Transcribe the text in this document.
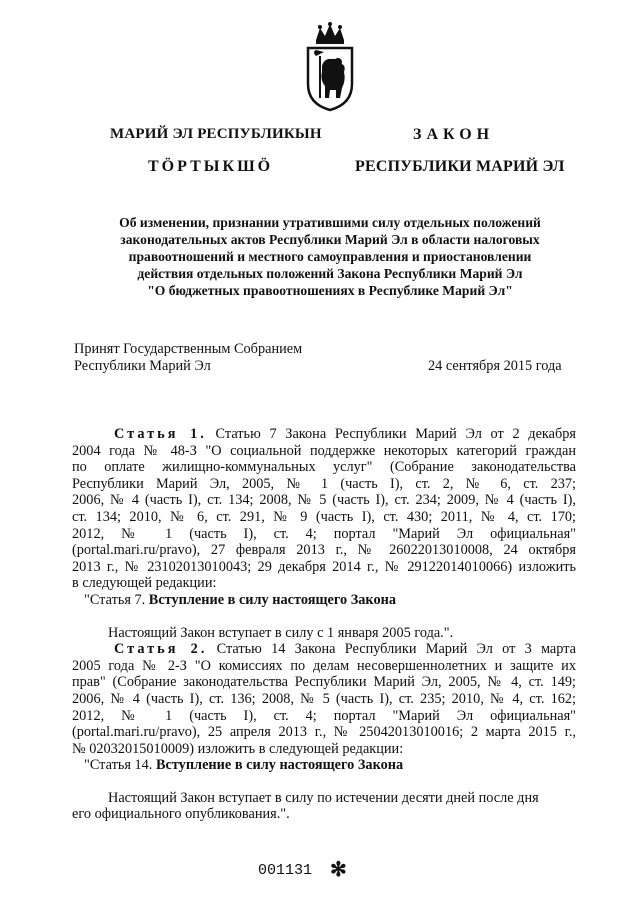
МАРИЙ ЭЛ РЕСПУБЛИКЫН
ТӦРТЫКШӦ
ЗАКОН
РЕСПУБЛИКИ МАРИЙ ЭЛ
Об изменении, признании утратившими силу отдельных положений
законодательных актов Республики Марий Эл в области налоговых
правоотношений и местного самоуправления и приостановлении
действия отдельных положений Закона Республики Марий Эл
"О бюджетных правоотношениях в Республике Марий Эл"
Принят Государственным Собранием
Республики Марий Эл	24 сентября 2015 года
Статья 1. Статью 7 Закона Республики Марий Эл от 2 декабря
2004 года № 48-З "О социальной поддержке некоторых категорий граждан
по оплате жилищно-коммунальных услуг" (Собрание законодательства
Республики Марий Эл, 2005, № 1 (часть I), ст. 2, № 6, ст. 237;
2006, № 4 (часть I), ст. 134; 2008, № 5 (часть I), ст. 234; 2009, № 4 (часть I),
ст. 134; 2010, № 6, ст. 291, № 9 (часть I), ст. 430; 2011, № 4, ст. 170;
2012, № 1 (часть I), ст. 4; портал "Марий Эл официальная"
(portal.mari.ru/pravo), 27 февраля 2013 г., № 26022013010008, 24 октября
2013 г., № 23102013010043; 29 декабря 2014 г., № 29122014010066) изложить
в следующей редакции:
"Статья 7. Вступление в силу настоящего Закона
Настоящий Закон вступает в силу с 1 января 2005 года.".
Статья 2. Статью 14 Закона Республики Марий Эл от 3 марта
2005 года № 2-З "О комиссиях по делам несовершеннолетних и защите их
прав" (Собрание законодательства Республики Марий Эл, 2005, № 4, ст. 149;
2006, № 4 (часть I), ст. 136; 2008, № 5 (часть I), ст. 235; 2010, № 4, ст. 162;
2012, № 1 (часть I), ст. 4; портал "Марий Эл официальная"
(portal.mari.ru/pravo), 25 апреля 2013 г., № 25042013010016; 2 марта 2015 г.,
№ 02032015010009) изложить в следующей редакции:
"Статья 14. Вступление в силу настоящего Закона
Настоящий Закон вступает в силу по истечении десяти дней после дня
его официального опубликования.".
001131 ✻
